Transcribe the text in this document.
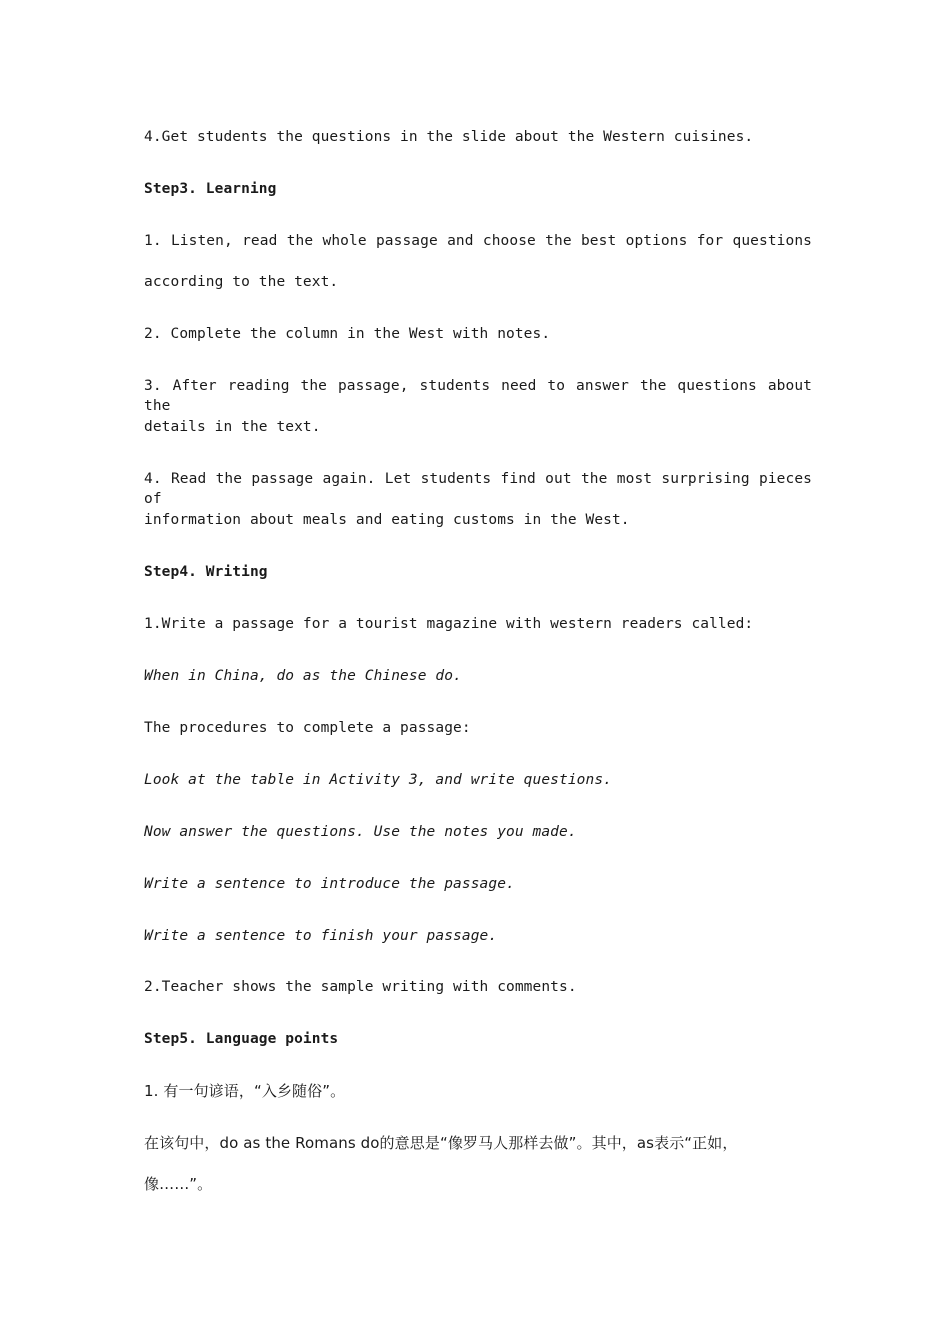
4.Get students the questions in the slide about the Western cuisines.
Step3. Learning
1. Listen, read the whole passage and choose the best options for questions
according to the text.
2. Complete the column in the West with notes.
3. After reading the passage, students need to answer the questions about the
details in the text.
4. Read the passage again. Let students find out the most surprising pieces of
information about meals and eating customs in the West.
Step4. Writing
1.Write a passage for a tourist magazine with western readers called:
When in China, do as the Chinese do.
The procedures to complete a passage:
Look at the table in Activity 3, and write questions.
Now answer the questions. Use the notes you made.
Write a sentence to introduce the passage.
Write a sentence to finish your passage.
2.Teacher shows the sample writing with comments.
Step5. Language points
1. 有一句谚语，“入乡随俗”。
在该句中，do as the Romans do的意思是“像罗马人那样去做”。其中，as表示“正如，
像……”。
